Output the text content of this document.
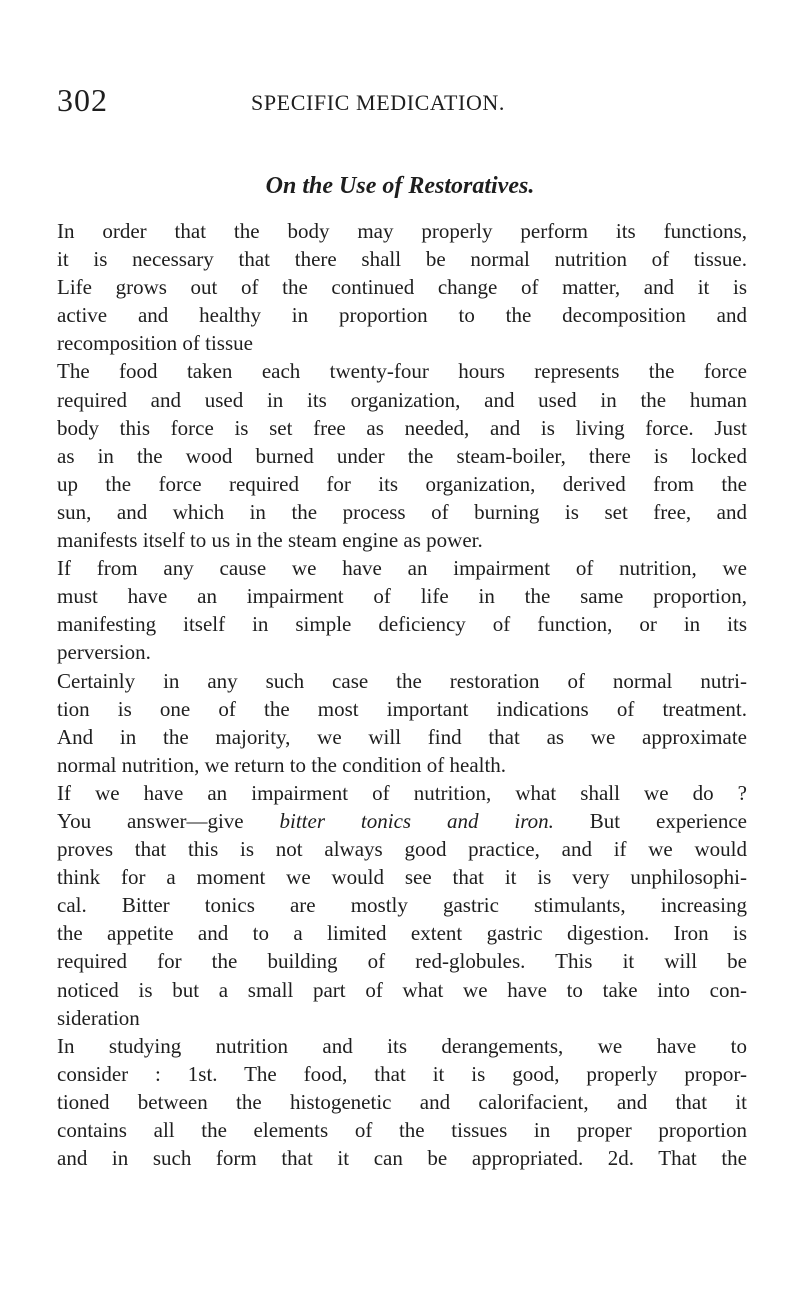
302	SPECIFIC MEDICATION.
On the Use of Restoratives.

In order that the body may properly perform its functions,
it is necessary that there shall be normal nutrition of tissue.
Life grows out of the continued change of matter, and it is
active and healthy in proportion to the decomposition and
recomposition of tissue

The food taken each twenty-four hours represents the force
required and used in its organization, and used in the human
body this force is set free as needed, and is living force. Just
as in the wood burned under the steam-boiler, there is locked
up the force required for its organization, derived from the
sun, and which in the process of burning is set free, and
manifests itself to us in the steam engine as power.

If from any cause we have an impairment of nutrition, we
must have an impairment of life in the same proportion,
manifesting itself in simple deficiency of function, or in its
perversion.

Certainly in any such case the restoration of normal nutri-
tion is one of the most important indications of treatment.
And in the majority, we will find that as we approximate
normal nutrition, we return to the condition of health.

If we have an impairment of nutrition, what shall we do ?
You answer—give bitter tonics and iron. But experience
proves that this is not always good practice, and if we would
think for a moment we would see that it is very unphilosophi-
cal. Bitter tonics are mostly gastric stimulants, increasing
the appetite and to a limited extent gastric digestion. Iron is
required for the building of red-globules. This it will be
noticed is but a small part of what we have to take into con-
sideration

In studying nutrition and its derangements, we have to
consider : 1st. The food, that it is good, properly propor-
tioned between the histogenetic and calorifacient, and that it
contains all the elements of the tissues in proper proportion
and in such form that it can be appropriated. 2d. That the
